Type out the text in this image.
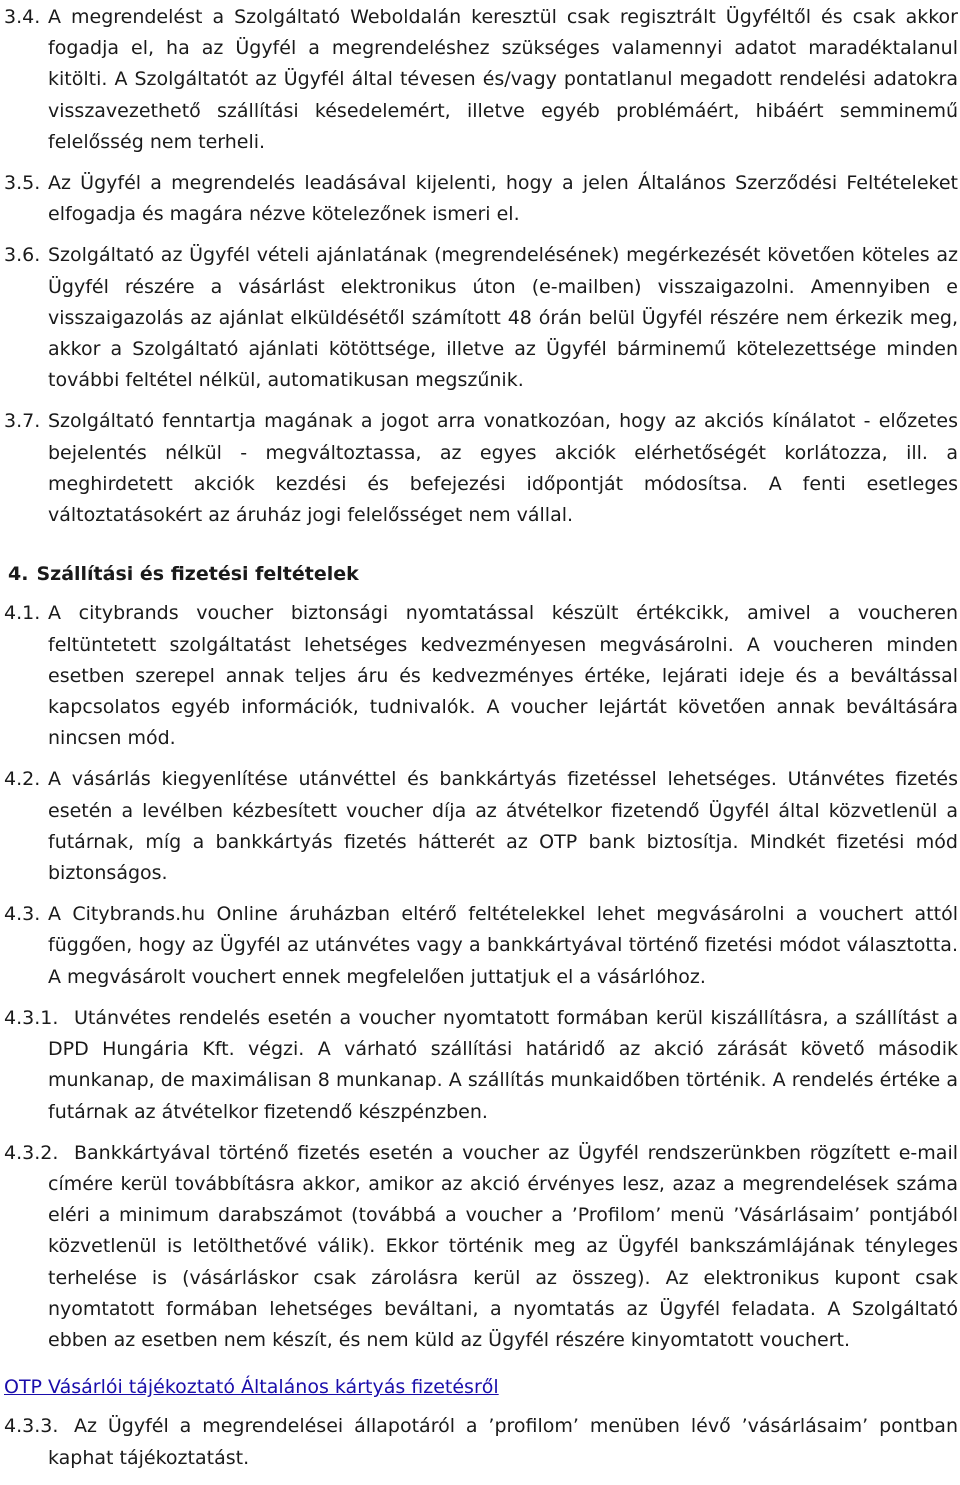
3.4. A megrendelést a Szolgáltató Weboldalán keresztül csak regisztrált Ügyféltől és csak akkor fogadja el, ha az Ügyfél a megrendeléshez szükséges valamennyi adatot maradéktalanul kitölti. A Szolgáltatót az Ügyfél által tévesen és/vagy pontatlanul megadott rendelési adatokra visszavezethető szállítási késedelemért, illetve egyéb problémáért, hibáért semminemű felelősség nem terheli.
3.5. Az Ügyfél a megrendelés leadásával kijelenti, hogy a jelen Általános Szerződési Feltételeket elfogadja és magára nézve kötelezőnek ismeri el.
3.6. Szolgáltató az Ügyfél vételi ajánlatának (megrendelésének) megérkezését követően köteles az Ügyfél részére a vásárlást elektronikus úton (e-mailben) visszaigazolni. Amennyiben e visszaigazolás az ajánlat elküldésétől számított 48 órán belül Ügyfél részére nem érkezik meg, akkor a Szolgáltató ajánlati kötöttsége, illetve az Ügyfél bárminemű kötelezettsége minden további feltétel nélkül, automatikusan megszűnik.
3.7. Szolgáltató fenntartja magának a jogot arra vonatkozóan, hogy az akciós kínálatot - előzetes bejelentés nélkül - megváltoztassa, az egyes akciók elérhetőségét korlátozza, ill. a meghirdetett akciók kezdési és befejezési időpontját módosítsa. A fenti esetleges változtatásokért az áruház jogi felelősséget nem vállal.
4. Szállítási és fizetési feltételek
4.1. A citybrands voucher biztonsági nyomtatással készült értékcikk, amivel a voucheren feltüntetett szolgáltatást lehetséges kedvezményesen megvásárolni. A voucheren minden esetben szerepel annak teljes áru és kedvezményes értéke, lejárati ideje és a beváltással kapcsolatos egyéb információk, tudnivalók. A voucher lejártát követően annak beváltására nincsen mód.
4.2. A vásárlás kiegyenlítése utánvéttel és bankkártyás fizetéssel lehetséges. Utánvétes fizetés esetén a levélben kézbesített voucher díja az átvételkor fizetendő Ügyfél által közvetlenül a futárnak, míg a bankkártyás fizetés hátterét az OTP bank biztosítja. Mindkét fizetési mód biztonságos.
4.3. A Citybrands.hu Online áruházban eltérő feltételekkel lehet megvásárolni a vouchert attól függően, hogy az Ügyfél az utánvétes vagy a bankkártyával történő fizetési módot választotta. A megvásárolt vouchert ennek megfelelően juttatjuk el a vásárlóhoz.
4.3.1. Utánvétes rendelés esetén a voucher nyomtatott formában kerül kiszállításra, a szállítást a DPD Hungária Kft. végzi. A várható szállítási határidő az akció zárását követő második munkanap, de maximálisan 8 munkanap. A szállítás munkaidőben történik. A rendelés értéke a futárnak az átvételkor fizetendő készpénzben.
4.3.2. Bankkártyával történő fizetés esetén a voucher az Ügyfél rendszerünkben rögzített e-mail címére kerül továbbításra akkor, amikor az akció érvényes lesz, azaz a megrendelések száma eléri a minimum darabszámot (továbbá a voucher a ’Profilom’ menü ’Vásárlásaim’ pontjából közvetlenül is letölthetővé válik). Ekkor történik meg az Ügyfél bankszámlájának tényleges terhelése is (vásárláskor csak zárolásra kerül az összeg). Az elektronikus kupont csak nyomtatott formában lehetséges beváltani, a nyomtatás az Ügyfél feladata. A Szolgáltató ebben az esetben nem készít, és nem küld az Ügyfél részére kinyomtatott vouchert.
OTP Vásárlói tájékoztató Általános kártyás fizetésről
4.3.3. Az Ügyfél a megrendelései állapotáról a ’profilom’ menüben lévő ’vásárlásaim’ pontban kaphat tájékoztatást.
